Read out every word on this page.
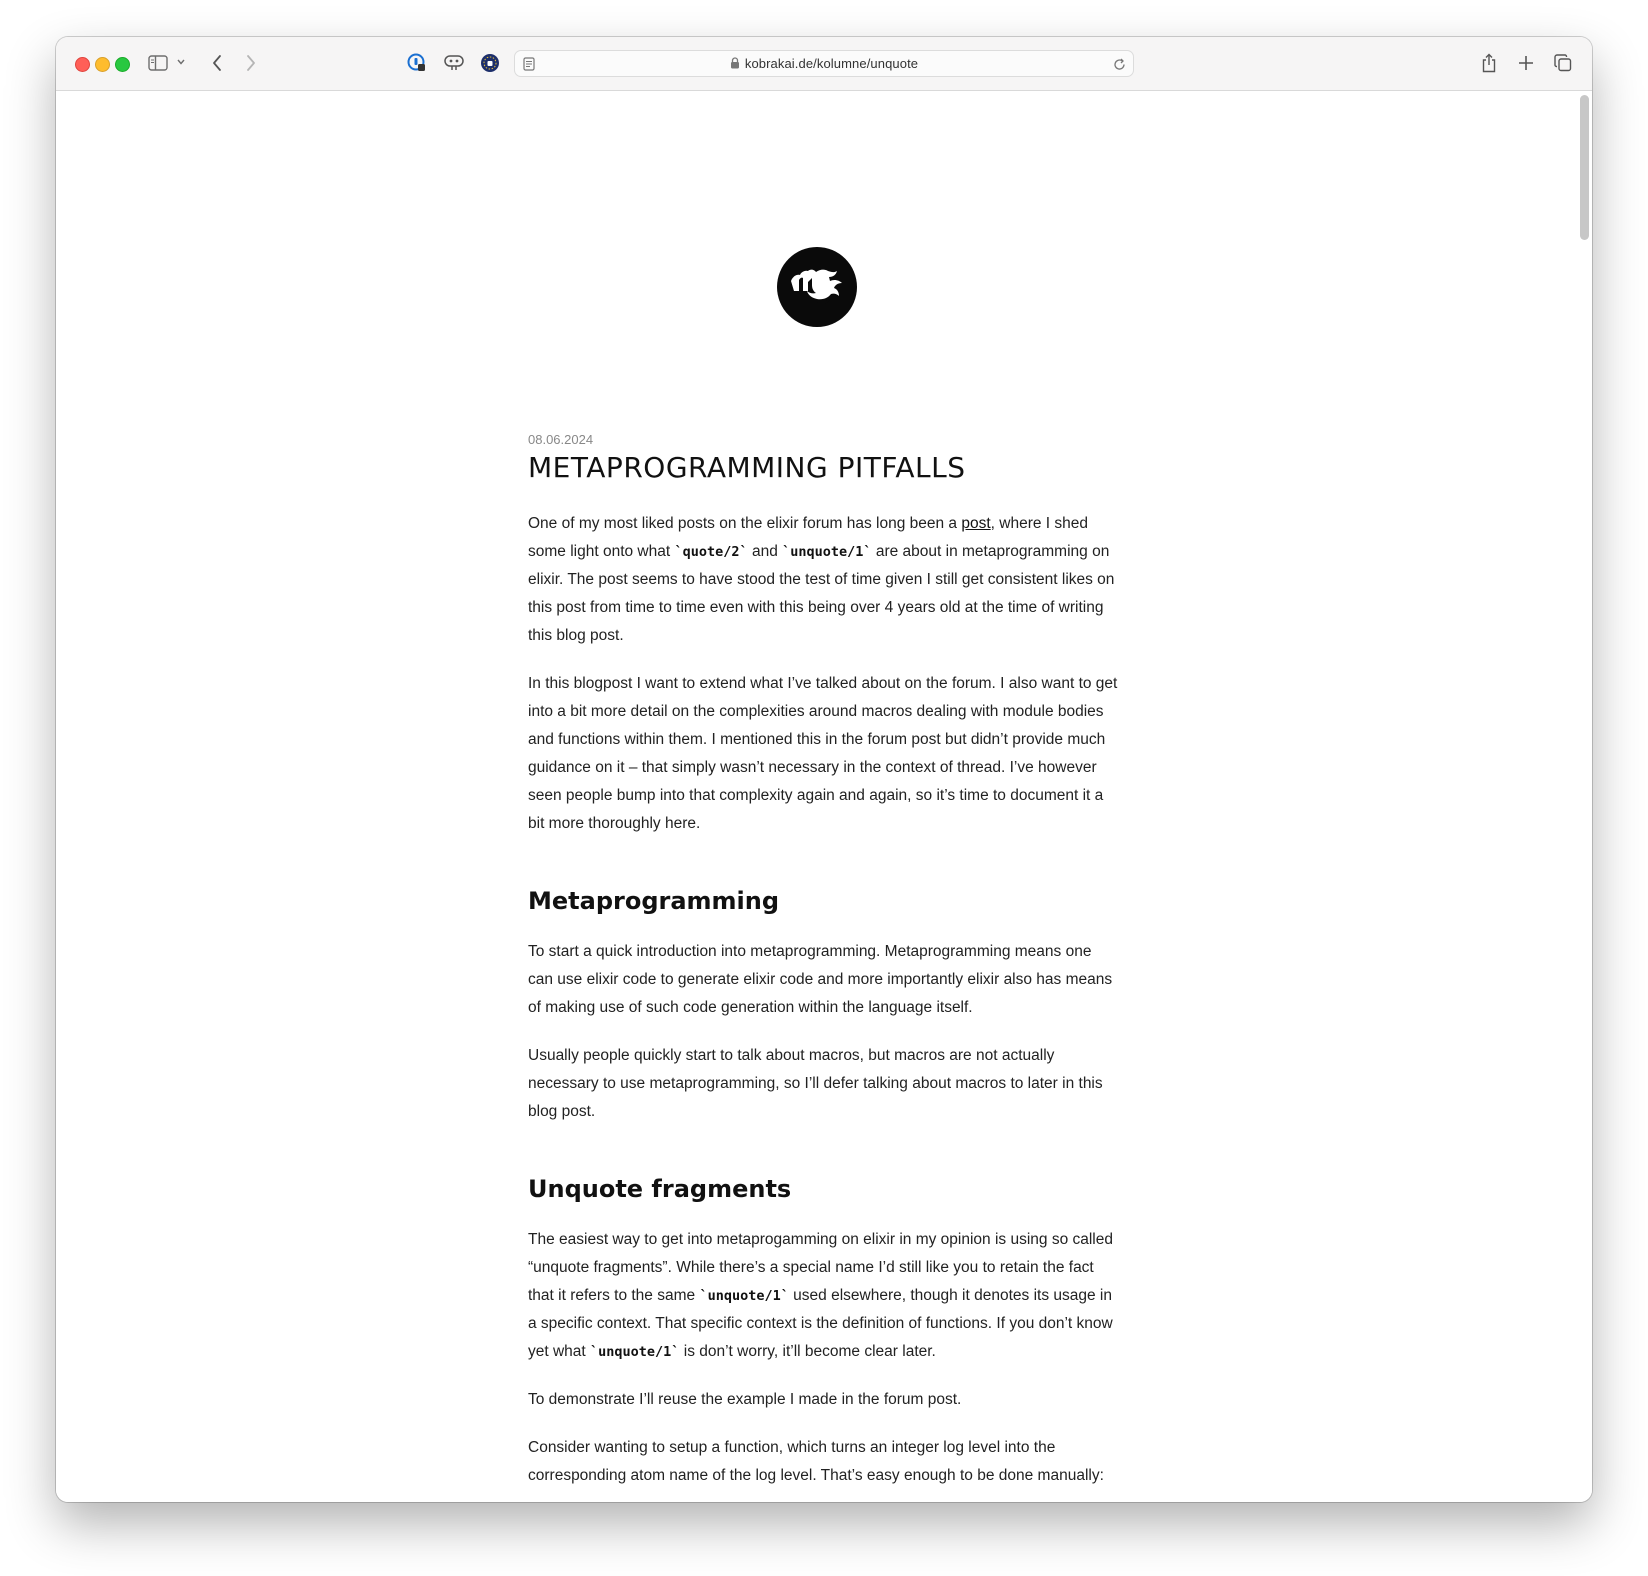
kobrakai.de/kolumne/unquote
08.06.2024
METAPROGRAMMING PITFALLS

One of my most liked posts on the elixir forum has long been a post, where I shed some light onto what `quote/2` and `unquote/1` are about in metaprogramming on elixir. The post seems to have stood the test of time given I still get consistent likes on this post from time to time even with this being over 4 years old at the time of writing this blog post.

In this blogpost I want to extend what I’ve talked about on the forum. I also want to get into a bit more detail on the complexities around macros dealing with module bodies and functions within them. I mentioned this in the forum post but didn’t provide much guidance on it – that simply wasn’t necessary in the context of thread. I’ve however seen people bump into that complexity again and again, so it’s time to document it a bit more thoroughly here.

Metaprogramming

To start a quick introduction into metaprogramming. Metaprogramming means one can use elixir code to generate elixir code and more importantly elixir also has means of making use of such code generation within the language itself.

Usually people quickly start to talk about macros, but macros are not actually necessary to use metaprogramming, so I’ll defer talking about macros to later in this blog post.

Unquote fragments

The easiest way to get into metaprogamming on elixir in my opinion is using so called “unquote fragments”. While there’s a special name I’d still like you to retain the fact that it refers to the same `unquote/1` used elsewhere, though it denotes its usage in a specific context. That specific context is the definition of functions. If you don’t know yet what `unquote/1` is don’t worry, it’ll become clear later.

To demonstrate I’ll reuse the example I made in the forum post.

Consider wanting to setup a function, which turns an integer log level into the corresponding atom name of the log level. That’s easy enough to be done manually:
